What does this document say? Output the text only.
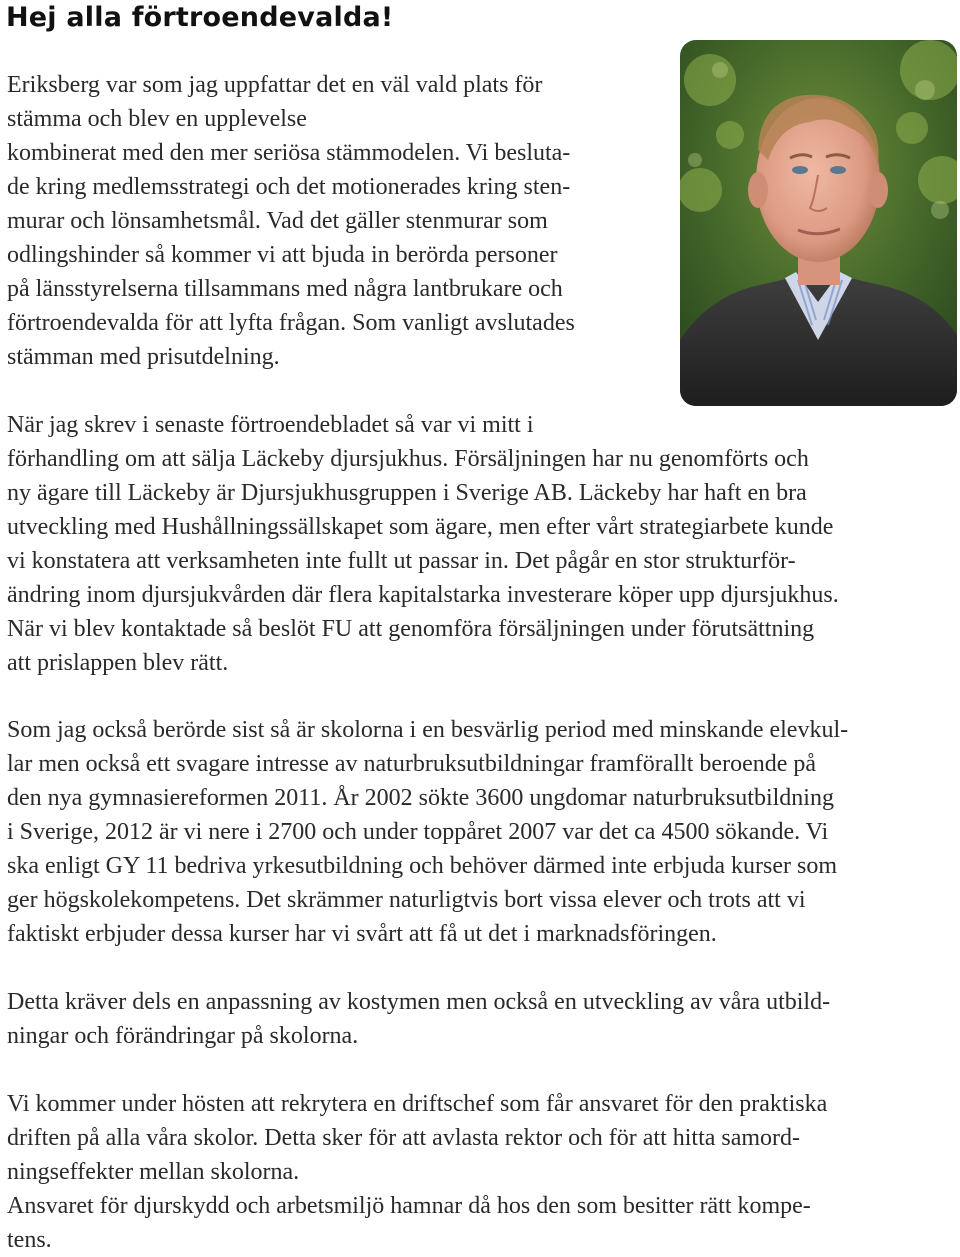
Hej alla förtroendevalda!
Eriksberg var som jag uppfattar det en väl vald plats för
stämma och blev en upplevelse
kombinerat med den mer seriösa stämmodelen. Vi besluta-
de kring medlemsstrategi och det motionerades kring sten-
murar och lönsamhetsmål. Vad det gäller stenmurar som
odlingshinder så kommer vi att bjuda in berörda personer
på länsstyrelserna tillsammans med några lantbrukare och
förtroendevalda för att lyfta frågan. Som vanligt avslutades
stämman med prisutdelning.
När jag skrev i senaste förtroendebladet så var vi mitt i
förhandling om att sälja Läckeby djursjukhus. Försäljningen har nu genomförts och
ny ägare till Läckeby är Djursjukhusgruppen i Sverige AB. Läckeby har haft en bra
utveckling med Hushållningssällskapet som ägare, men efter vårt strategiarbete kunde
vi konstatera att verksamheten inte fullt ut passar in. Det pågår en stor strukturför-
ändring inom djursjukvården där flera kapitalstarka investerare köper upp djursjukhus.
När vi blev kontaktade så beslöt FU att genomföra försäljningen under förutsättning
att prislappen blev rätt.
Som jag också berörde sist så är skolorna i en besvärlig period med minskande elevkul-
lar men också ett svagare intresse av naturbruksutbildningar framförallt beroende på
den nya gymnasiereformen 2011. År 2002 sökte 3600 ungdomar naturbruksutbildning
i Sverige, 2012 är vi nere i 2700 och under toppåret 2007 var det ca 4500 sökande. Vi
ska enligt GY 11 bedriva yrkesutbildning och behöver därmed inte erbjuda kurser som
ger högskolekompetens. Det skrämmer naturligtvis bort vissa elever och trots att vi
faktiskt erbjuder dessa kurser har vi svårt att få ut det i marknadsföringen.
Detta kräver dels en anpassning av kostymen men också en utveckling av våra utbild-
ningar och förändringar på skolorna.
Vi kommer under hösten att rekrytera en driftschef som får ansvaret för den praktiska
driften på alla våra skolor. Detta sker för att avlasta rektor och för att hitta samord-
ningseffekter mellan skolorna.
Ansvaret för djurskydd och arbetsmiljö hamnar då hos den som besitter rätt kompe-
tens.
